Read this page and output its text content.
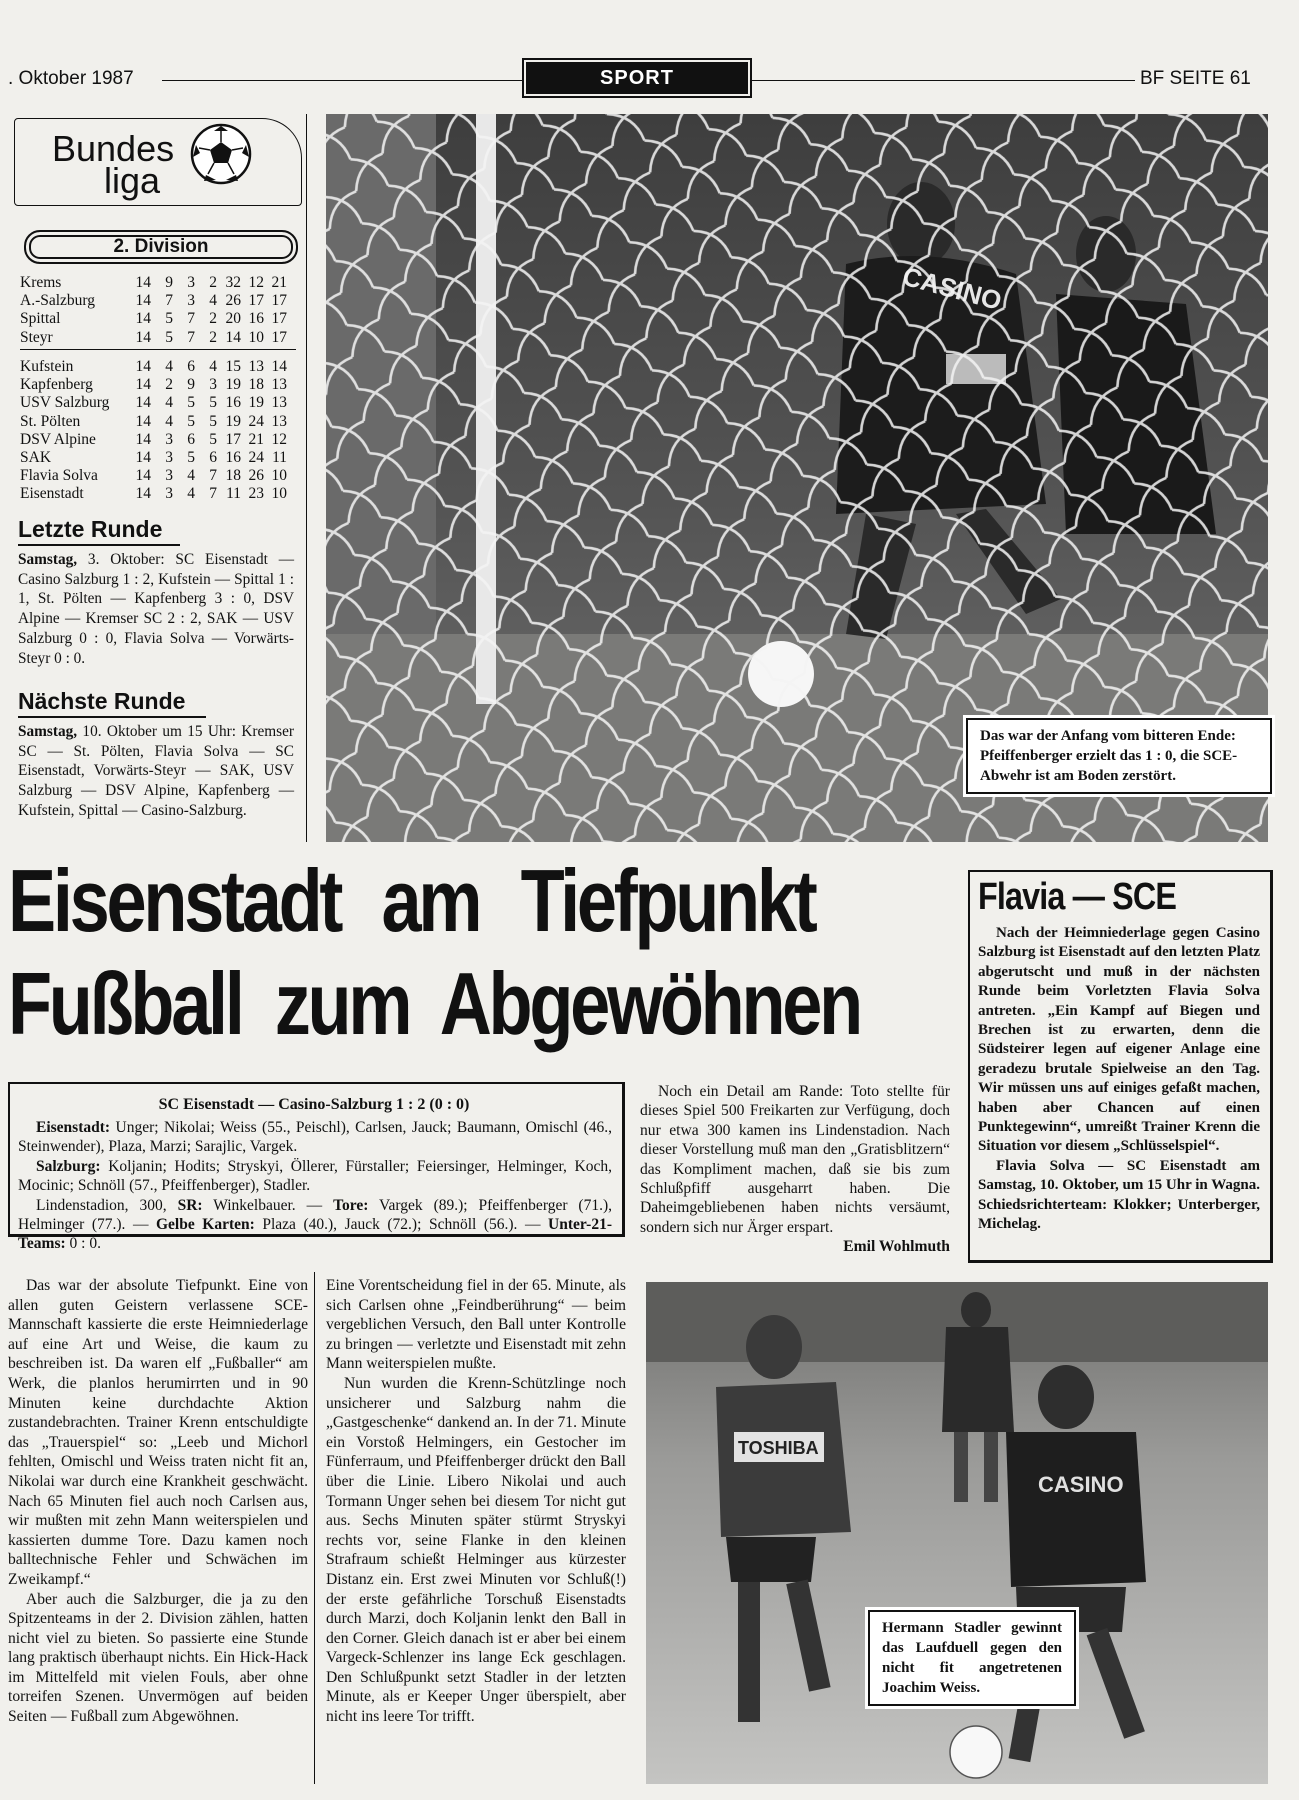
. Oktober 1987	SPORT	BF SEITE 61
Bundes
liga
2. Division
Krems	14 9 3 2 32 12 21
A.-Salzburg	14 7 3 4 26 17 17
Spittal	14 5 7 2 20 16 17
Steyr	14 5 7 2 14 10 17
Kufstein	14 4 6 4 15 13 14
Kapfenberg	14 2 9 3 19 18 13
USV Salzburg	14 4 5 5 16 19 13
St. Pölten	14 4 5 5 19 24 13
DSV Alpine	14 3 6 5 17 21 12
SAK	14 3 5 6 16 24 11
Flavia Solva	14 3 4 7 18 26 10
Eisenstadt	14 3 4 7 11 23 10
Letzte Runde
Samstag, 3. Oktober: SC Eisenstadt — Casino Salzburg 1 : 2, Kufstein — Spittal 1 : 1, St. Pölten — Kapfenberg 3 : 0, DSV Alpine — Kremser SC 2 : 2, SAK — USV Salzburg 0 : 0, Flavia Solva — Vorwärts-Steyr 0 : 0.
Nächste Runde
Samstag, 10. Oktober um 15 Uhr: Kremser SC — St. Pölten, Flavia Solva — SC Eisenstadt, Vorwärts-Steyr — SAK, USV Salzburg — DSV Alpine, Kapfenberg — Kufstein, Spittal — Casino-Salzburg.
Das war der Anfang vom bitteren Ende: Pfeiffenberger erzielt das 1 : 0, die SCE-Abwehr ist am Boden zerstört.
Eisenstadt am Tiefpunkt
Fußball zum Abgewöhnen
Flavia — SCE
Nach der Heimniederlage gegen Casino Salzburg ist Eisenstadt auf den letzten Platz abgerutscht und muß in der nächsten Runde beim Vorletzten Flavia Solva antreten. „Ein Kampf auf Biegen und Brechen ist zu erwarten, denn die Südsteirer legen auf eigener Anlage eine geradezu brutale Spielweise an den Tag. Wir müssen uns auf einiges gefaßt machen, haben aber Chancen auf einen Punktegewinn“, umreißt Trainer Krenn die Situation vor diesem „Schlüsselspiel“.
Flavia Solva — SC Eisenstadt am Samstag, 10. Oktober, um 15 Uhr in Wagna. Schiedsrichterteam: Klokker; Unterberger, Michelag.
SC Eisenstadt — Casino-Salzburg 1 : 2 (0 : 0)
Eisenstadt: Unger; Nikolai; Weiss (55., Peischl), Carlsen, Jauck; Baumann, Omischl (46., Steinwender), Plaza, Marzi; Sarajlic, Vargek.
Salzburg: Koljanin; Hodits; Stryskyi, Öllerer, Fürstaller; Feiersinger, Helminger, Koch, Mocinic; Schnöll (57., Pfeiffenberger), Stadler.
Lindenstadion, 300, SR: Winkelbauer. — Tore: Vargek (89.); Pfeiffenberger (71.), Helminger (77.). — Gelbe Karten: Plaza (40.), Jauck (72.); Schnöll (56.). — Unter-21-Teams: 0 : 0.
Noch ein Detail am Rande: Toto stellte für dieses Spiel 500 Freikarten zur Verfügung, doch nur etwa 300 kamen ins Lindenstadion. Nach dieser Vorstellung muß man den „Gratisblitzern“ das Kompliment machen, daß sie bis zum Schlußpfiff ausgeharrt haben. Die Daheimgebliebenen haben nichts versäumt, sondern sich nur Ärger erspart.
Emil Wohlmuth
Das war der absolute Tiefpunkt. Eine von allen guten Geistern verlassene SCE-Mannschaft kassierte die erste Heimniederlage auf eine Art und Weise, die kaum zu beschreiben ist. Da waren elf „Fußballer“ am Werk, die planlos herumirrten und in 90 Minuten keine durchdachte Aktion zustandebrachten. Trainer Krenn entschuldigte das „Trauerspiel“ so: „Leeb und Michorl fehlten, Omischl und Weiss traten nicht fit an, Nikolai war durch eine Krankheit geschwächt. Nach 65 Minuten fiel auch noch Carlsen aus, wir mußten mit zehn Mann weiterspielen und kassierten dumme Tore. Dazu kamen noch balltechnische Fehler und Schwächen im Zweikampf.“
Aber auch die Salzburger, die ja zu den Spitzenteams in der 2. Division zählen, hatten nicht viel zu bieten. So passierte eine Stunde lang praktisch überhaupt nichts. Ein Hick-Hack im Mittelfeld mit vielen Fouls, aber ohne torreifen Szenen. Unvermögen auf beiden Seiten — Fußball zum Abgewöhnen.
Eine Vorentscheidung fiel in der 65. Minute, als sich Carlsen ohne „Feindberührung“ — beim vergeblichen Versuch, den Ball unter Kontrolle zu bringen — verletzte und Eisenstadt mit zehn Mann weiterspielen mußte.
Nun wurden die Krenn-Schützlinge noch unsicherer und Salzburg nahm die „Gastgeschenke“ dankend an. In der 71. Minute ein Vorstoß Helmingers, ein Gestocher im Fünferraum, und Pfeiffenberger drückt den Ball über die Linie. Libero Nikolai und auch Tormann Unger sehen bei diesem Tor nicht gut aus. Sechs Minuten später stürmt Stryskyi rechts vor, seine Flanke in den kleinen Strafraum schießt Helminger aus kürzester Distanz ein. Erst zwei Minuten vor Schluß(!) der erste gefährliche Torschuß Eisenstadts durch Marzi, doch Koljanin lenkt den Ball in den Corner. Gleich danach ist er aber bei einem Vargeck-Schlenzer ins lange Eck geschlagen. Den Schlußpunkt setzt Stadler in der letzten Minute, als er Keeper Unger überspielt, aber nicht ins leere Tor trifft.
TOSHIBA
CASINO
Hermann Stadler gewinnt das Laufduell gegen den nicht fit angetretenen Joachim Weiss.
